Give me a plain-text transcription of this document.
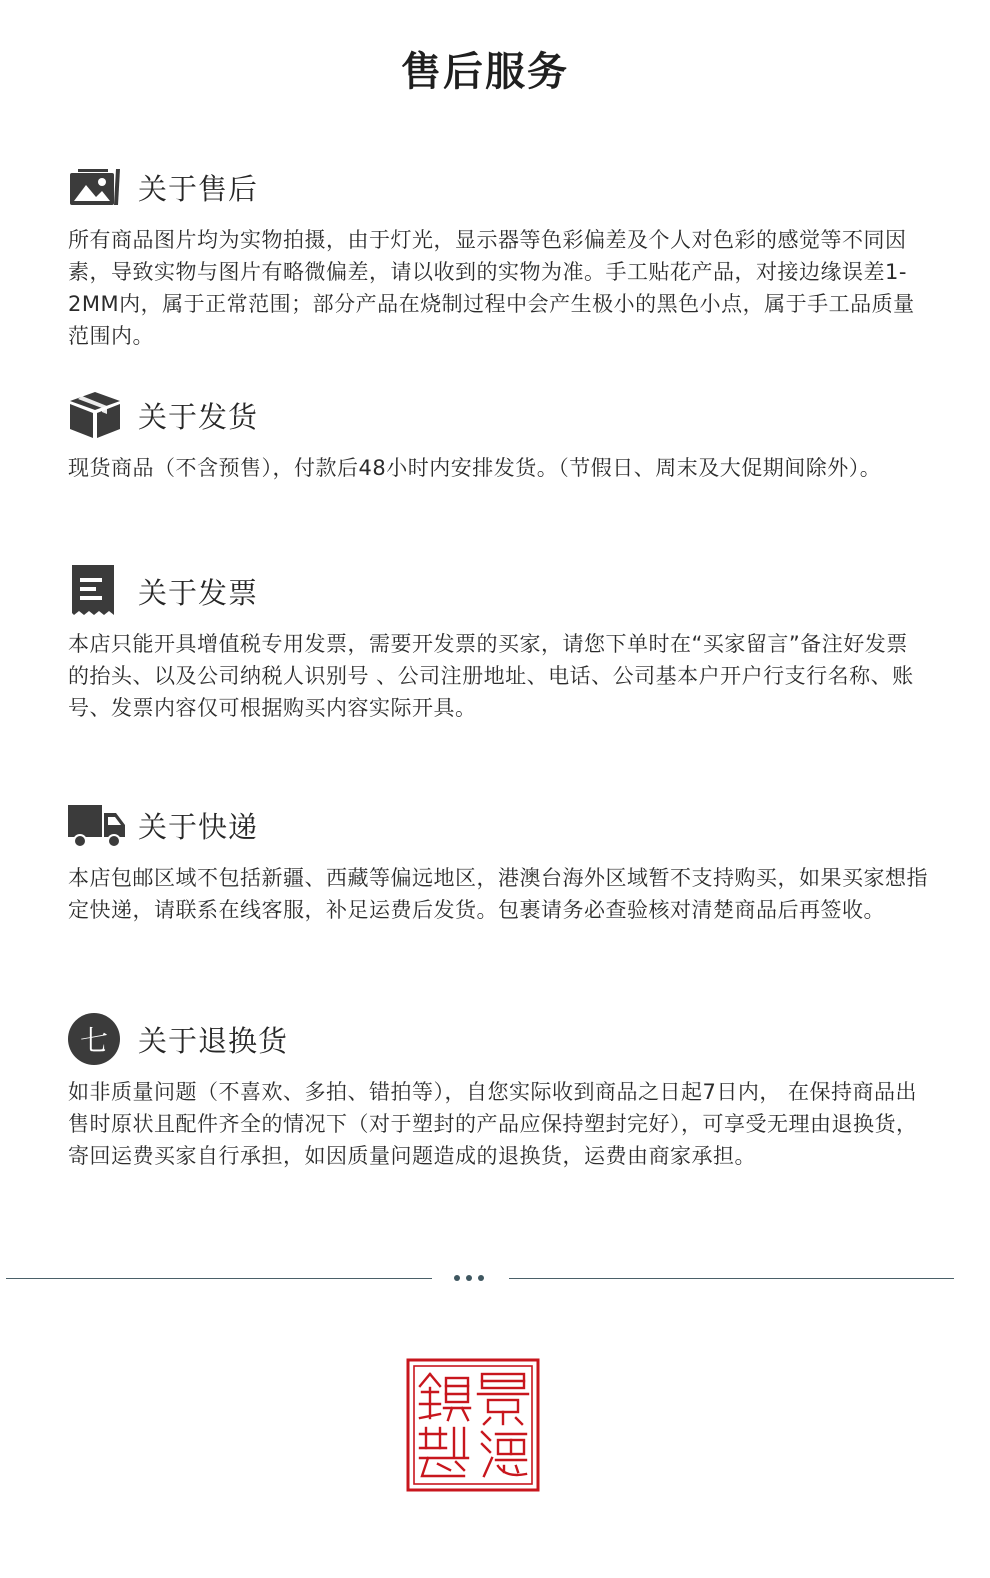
售后服务
关于售后
所有商品图片均为实物拍摄，由于灯光，显示器等色彩偏差及个人对色彩的感觉等不同因素，导致实物与图片有略微偏差，请以收到的实物为准。手工贴花产品，对接边缘误差1-2MM内，属于正常范围；部分产品在烧制过程中会产生极小的黑色小点，属于手工品质量范围内。
关于发货
现货商品（不含预售），付款后48小时内安排发货。（节假日、周末及大促期间除外）。
关于发票
本店只能开具增值税专用发票，需要开发票的买家，请您下单时在“买家留言”备注好发票的抬头、以及公司纳税人识别号 、公司注册地址、电话、公司基本户开户行支行名称、账号、发票内容仅可根据购买内容实际开具。
关于快递
本店包邮区域不包括新疆、西藏等偏远地区，港澳台海外区域暂不支持购买，如果买家想指定快递，请联系在线客服，补足运费后发货。包裹请务必查验核对清楚商品后再签收。
七	关于退换货
如非质量问题（不喜欢、多拍、错拍等），自您实际收到商品之日起7日内， 在保持商品出售时原状且配件齐全的情况下（对于塑封的产品应保持塑封完好），可享受无理由退换货，寄回运费买家自行承担，如因质量问题造成的退换货，运费由商家承担。
